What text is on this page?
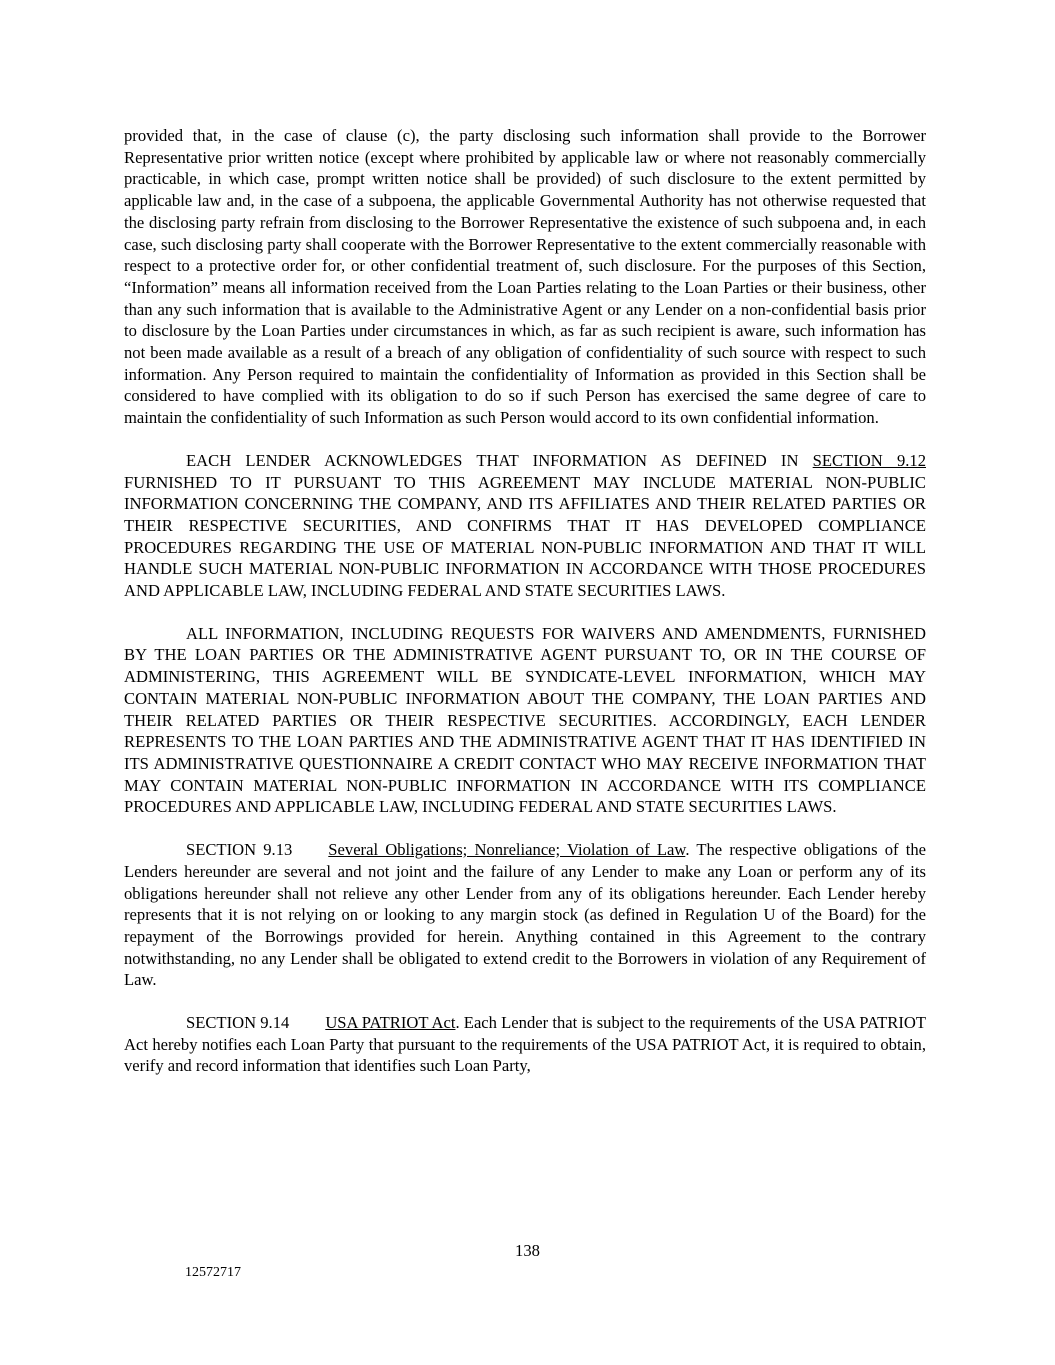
provided that, in the case of clause (c), the party disclosing such information shall provide to the Borrower Representative prior written notice (except where prohibited by applicable law or where not reasonably commercially practicable, in which case, prompt written notice shall be provided) of such disclosure to the extent permitted by applicable law and, in the case of a subpoena, the applicable Governmental Authority has not otherwise requested that the disclosing party refrain from disclosing to the Borrower Representative the existence of such subpoena and, in each case, such disclosing party shall cooperate with the Borrower Representative to the extent commercially reasonable with respect to a protective order for, or other confidential treatment of, such disclosure. For the purposes of this Section, “Information” means all information received from the Loan Parties relating to the Loan Parties or their business, other than any such information that is available to the Administrative Agent or any Lender on a non-confidential basis prior to disclosure by the Loan Parties under circumstances in which, as far as such recipient is aware, such information has not been made available as a result of a breach of any obligation of confidentiality of such source with respect to such information. Any Person required to maintain the confidentiality of Information as provided in this Section shall be considered to have complied with its obligation to do so if such Person has exercised the same degree of care to maintain the confidentiality of such Information as such Person would accord to its own confidential information.

EACH LENDER ACKNOWLEDGES THAT INFORMATION AS DEFINED IN SECTION 9.12 FURNISHED TO IT PURSUANT TO THIS AGREEMENT MAY INCLUDE MATERIAL NON-PUBLIC INFORMATION CONCERNING THE COMPANY, AND ITS AFFILIATES AND THEIR RELATED PARTIES OR THEIR RESPECTIVE SECURITIES, AND CONFIRMS THAT IT HAS DEVELOPED COMPLIANCE PROCEDURES REGARDING THE USE OF MATERIAL NON-PUBLIC INFORMATION AND THAT IT WILL HANDLE SUCH MATERIAL NON-PUBLIC INFORMATION IN ACCORDANCE WITH THOSE PROCEDURES AND APPLICABLE LAW, INCLUDING FEDERAL AND STATE SECURITIES LAWS.

ALL INFORMATION, INCLUDING REQUESTS FOR WAIVERS AND AMENDMENTS, FURNISHED BY THE LOAN PARTIES OR THE ADMINISTRATIVE AGENT PURSUANT TO, OR IN THE COURSE OF ADMINISTERING, THIS AGREEMENT WILL BE SYNDICATE-LEVEL INFORMATION, WHICH MAY CONTAIN MATERIAL NON-PUBLIC INFORMATION ABOUT THE COMPANY, THE LOAN PARTIES AND THEIR RELATED PARTIES OR THEIR RESPECTIVE SECURITIES. ACCORDINGLY, EACH LENDER REPRESENTS TO THE LOAN PARTIES AND THE ADMINISTRATIVE AGENT THAT IT HAS IDENTIFIED IN ITS ADMINISTRATIVE QUESTIONNAIRE A CREDIT CONTACT WHO MAY RECEIVE INFORMATION THAT MAY CONTAIN MATERIAL NON-PUBLIC INFORMATION IN ACCORDANCE WITH ITS COMPLIANCE PROCEDURES AND APPLICABLE LAW, INCLUDING FEDERAL AND STATE SECURITIES LAWS.

SECTION 9.13 Several Obligations; Nonreliance; Violation of Law. The respective obligations of the Lenders hereunder are several and not joint and the failure of any Lender to make any Loan or perform any of its obligations hereunder shall not relieve any other Lender from any of its obligations hereunder. Each Lender hereby represents that it is not relying on or looking to any margin stock (as defined in Regulation U of the Board) for the repayment of the Borrowings provided for herein. Anything contained in this Agreement to the contrary notwithstanding, no any Lender shall be obligated to extend credit to the Borrowers in violation of any Requirement of Law.

SECTION 9.14 USA PATRIOT Act. Each Lender that is subject to the requirements of the USA PATRIOT Act hereby notifies each Loan Party that pursuant to the requirements of the USA PATRIOT Act, it is required to obtain, verify and record information that identifies such Loan Party,

138
12572717
